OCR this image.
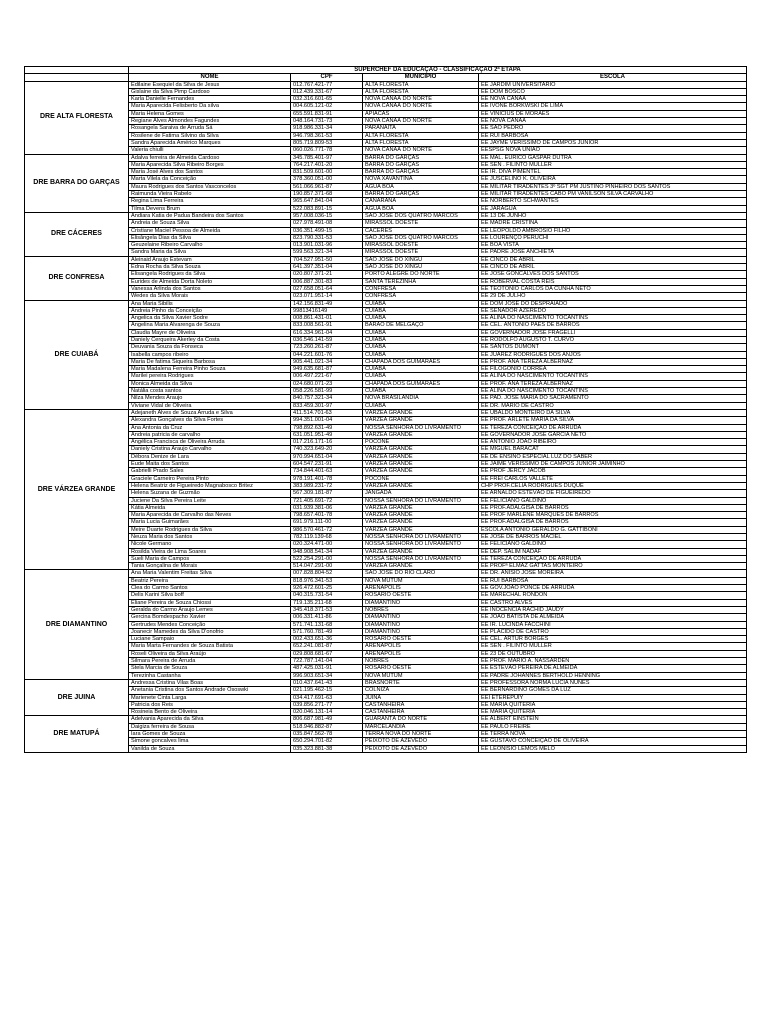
	SUPERCHEF DA EDUCAÇÃO - CLASSIFICAÇÃO 2ª ETAPA			
	NOME	CPF	MUNICIPIO	ESCOLA
DRE ALTA FLORESTA	Edilaine Esequiel da Silva de Jesus	012.767.421-77	ALTA FLORESTA	EE JARDIM UNIVERSITARIO
	Gislaine da Silva Pimp Cardoso	012.439.331-67	ALTA FLORESTA	EE DOM BOSCO
	Karla Danielle Fernandes	032.316.601-65	NOVA CANAÃ DO NORTE	EE NOVA CANAA
	Maria Aparecida Felisberto Da silva	004.605.121-02	NOVA CANAÃ DO NORTE	EE IVONE BORKWSKI DE LIMA
	Maria Helena Gomes	655.591.831-91	APIACÁS	EE VINICIUS DE MORAES
	Regiane Alves Almondes Fagundes	048.164.731-73	NOVA CANAÃ DO NORTE	EE NOVA CANAA
	Rosangela Saraiva de Arruda Sá	918.986.331-34	PARANAITA	EE SAO PEDRO
	Rosilene de Fatima Silvino da Silva	946.798.361-53	ALTA FLORESTA	EE RUI BARBOSA
	Sandra Aparecida Américo Marques	805.719.809-53	ALTA FLORESTA	EE JAYME VERISSIMO DE CAMPOS JUNIOR
	Valeria chiulli	060.026.771-78	NOVA CANAÃ DO NORTE	EESPSG NOVA UNIAO
DRE BARRA DO GARÇAS	Adalva ferreira de Almeida Cardoso	345.785.401-97	BARRA DO GARÇAS	EE MAL. EURICO GASPAR DUTRA
	Maria Aparecida Silva Ribeiro Borges	764.217.401-20	BARRA DO GARÇAS	EE SEN . FILINTO MULLER
	Maria José Alves dos Santos	831.509.601-00	BARRA DO GARÇAS	EE IR. DIVA PIMENTEL
	Marta Vilela da Conceição	378.360.051-00	NOVA XAVANTINA	EE JUSCELINO K. OLIVEIRA
	Maura Rodrigues dos Santos Vasconcelos	561.066.961-87	ÁGUA BOA	EE MILITAR TIRADENTES 3º SGT PM JUSTINO PINHEIRO DOS SANTOS
	Raimunda Vieira Rabelo	190.857.371-68	BARRA DO GARÇAS	EE MILITAR TIRADENTES CABO PM VANILSON SILVA CARVALHO
	Regina Lima Ferreira	965.647.841-04	CANARANA	EE NORBERTO SCHWANTES
	Tilma Devens Brum	522.083.891-15	ÁGUA BOA	EE JARAGUÁ
DRE CÁCERES	Andiara Katia de Padua Bandeira dos Santos	957.008.036-15	SÃO JOSÉ DOS QUATRO MARCOS	EE 13 DE JUNHO
	Andreia de Souza Silva	027.978.491-08	MIRASSOL DOESTE	EE MADRE CRISTINA
	Cristiane Maciel Pessoa de Almeida	036.351.499-15	CÁCERES	EE LEOPOLDO AMBROSIO FILHO
	Elisângela Dias da Silva	823.790.331-53	SÃO JOSÉ DOS QUATRO MARCOS	EE LOURENÇO PERUCHI
	Geuzelaine Ribeiro Carvalho	013.901.031-96	MIRASSOL DOESTE	EE BOA VISTA
	Sandra Maria da Silva	599.563.321-34	MIRASSOL DOESTE	EE PADRE JOSE ANCHIETA
DRE CONFRESA	Aleinaid Araujo Estevam	704.527.951-50	SÃO JOSÉ DO XINGU	EE CINCO DE ABRIL
	Edna Rocha da Silva Souza	641.397.351-04	SÃO JOSÉ DO XINGU	EE CINCO DE ABRIL
	Elisangela Rodrigues da Silva	020.807.371-21	PORTO ALEGRE DO NORTE	EE JOSE GONCALVES DOS SANTOS
	Eurides de Almeida Dorta Noleto	006.887.301-83	SANTA TEREZINHA	EE ROBERVAL COSTA REIS
	Vanessa Arlinda dos Santos	027.658.051-64	CONFRESA	EE TEOTONIO CARLOS DA CUNHA NETO
	Wedes da Silva Morais	023.071.951-14	CONFRESA	EE 29 DE JULHO
DRE CUIABÁ	Ana Maria Sibilis	142.156.831-49	CUIABÁ	EE DOM JOSE DO DESPRAIADO
	Andreia Pinho da Conceição	99813416149	CUIABÁ	EE SENADOR AZEREDO
	Angelica da Silva Xavier Sodre	008.861.431-01	CUIABÁ	EE ALINA DO NASCIMENTO TOCANTINS
	Angelina Maria Alvarenga de Souza	833.008.561-91	BARÃO DE MELGAÇO	EE CEL. ANTONIO PAES DE BARROS
	Claudia Mayre de Oliveira	616.334.961-04	CUIABÁ	EE GOVERNADOR JOSÉ FRAGELLI
	Daniely Cerqueira Akerley da Costa	036.546.141-59	CUIABÁ	EE RODOLFO AUGUSTO T. CURVO
	Deuvania Souza da Fonseca	723.260.261-87	CUIABÁ	EE SANTOS DUMONT
	Isabella campos ribeiro	044.221.601-76	CUIABÁ	EE JUAREZ RODRIGUES DOS ANJOS
	Maria De fatima Siqueira Barbosa	905.441.021-34	CHAPADA DOS GUIMARÃES	EE PROF. ANA TEREZA ALBERNAZ
	Maria Madalena Ferreira Pinho Souza	949.635.681-87	CUIABÁ	EE FILOGONIO CORREA
	Marilei pereira Rodrigues	006.497.221-67	CUIABÁ	EE ALINA DO NASCIMENTO TOCANTINS
	Monica Almeida da Silva	024.680.071-23	CHAPADA DOS GUIMARÃES	EE PROF. ANA TEREZA ALBERNAZ
	Natália costa santos	058.226.581-99	CUIABÁ	EE ALINA DO NASCIMENTO TOCANTINS
	Nilza Mendes Araujo	840.757.321-34	NOVA BRASILÂNDIA	EE PAD. JOSE MARIA DO SACRAMENTO
	Viviane Vidal de Oliveira	833.459.301-97	CUIABÁ	EE DR. MARIO DE CASTRO
DRE VÁRZEA GRANDE	Adejaneth Alves de Souza Arruda e Silva	411.514.701-63	VÁRZEA GRANDE	EE UBALDO MONTEIRO DA SILVA
	Alexandra Gonçalves da Silva Fortes	994.351.001-04	VÁRZEA GRANDE	EE PROF. ARLETE MARIA DA SILVA
	Ana Antonia da Cruz	798.892.631-49	NOSSA SENHORA DO LIVRAMENTO	EE TEREZA CONCEIÇÃO DE ARRUDA
	Andreia patricia de carvalho	631.051.951-49	VÁRZEA GRANDE	EE GOVERNADOR JOSE GARCIA NETO
	Angélica Francisca de Oliveira Arruda	017.216.171-16	POCONÉ	EE ANTONIO JOÃO RIBEIRO
	Daniely Cristina Araujo Carvalho	740.323.649-20	VÁRZEA GRANDE	EE MIGUEL BARACAT
	Débora Denize de Lara	970.994.651-04	VÁRZEA GRANDE	EE DE ENSINO ESPECIAL LUZ DO SABER
	Eude Maita dos Santos	604.547.231-91	VÁRZEA GRANDE	EE JAIME VERISSIMO DE CAMPOS JUNIOR JAIMINHO
	Gabrielli Prado Sales	734.844.401-63	VÁRZEA GRANDE	EE PROF JERCY JACOB
	Graciele Carneiro Pereira Pinto	978.191.401-78	POCONÉ	EE FREI CARLOS VALLETE
	Helena Beatriz de Figueiredo Magnabosco Britez	383.989.231-72	VÁRZEA GRANDE	CHP PROF.CELIA RODRIGUES DUQUE
	Helena Suzana de Guzmão	567.309.181-87	JANGADA	EE ARNALDO ESTEVÃO DE FIGUEIREDO
	Juciene Da Silva Pereira Leite	721.405.691-72	NOSSA SENHORA DO LIVRAMENTO	EE FELICIANO GALDINO
	Kátia Almeida	031.939.381-06	VÁRZEA GRANDE	EE PROF.ADALGISA DE BARROS
	Maria Aparecida de Carvalho das Neves	798.657.401-78	VÁRZEA GRANDE	EE PROF MARLENE MARQUES DE BARROS
	Maria Lucia Guimarães	691.979.111-00	VÁRZEA GRANDE	EE PROF.ADALGISA DE BARROS
	Meire Duarte Rodrigues da Silva	986.570.461-72	VÁRZEA GRANDE	ESCOLA ANTONIO GERALDO G. GATTIBONI
	Neuza Maria dos Santos	782.119.139-68	NOSSA SENHORA DO LIVRAMENTO	EE JOSE DE BARROS MACIEL
	Nicole Germano	020.324.471-00	NOSSA SENHORA DO LIVRAMENTO	EE FELICIANO GALDINO
	Rosilda Vieira de Lima Soares	948.908.541-34	VÁRZEA GRANDE	EE DEP. SALIM NADAF
	Sueli Maria de Campos	522.254.291-00	NOSSA SENHORA DO LIVRAMENTO	EE TEREZA CONCEIÇÃO DE ARRUDA
	Tania Gonçalina de Morais	514.047.291-00	VÁRZEA GRANDE	EE PROFª ELMAZ GATTAS MONTEIRO
DRE DIAMANTINO	Ana Maria Valentim Freitas Silva	007.828.804-52	SÃO JOSÉ DO RIO CLARO	EE DR. ANISIO JOSE MOREIRA
	Beatriz Pereira	818.976.341-53	NOVA MUTUM	EE RUI BARBOSA
	Clea do Carmo Santos	926.472.601-25	ARENÁPOLIS	EE GOV.JOÃO PONCE DE ARRUDA
	Delis Karini Silva boff	040.315.731-54	ROSÁRIO OESTE	EE MARECHAL RONDON
	Eliane Pereira de Souza Chiossi	719.135.211-68	DIAMANTINO	EE CASTRO ALVES
	Geralda do Carmo Araujo Lemes	345.418.371-53	NOBRES	EE INOCENCIA RACHID JAUDY
	Gercina Bomdespacho Xavier	006.331.411-86	DIAMANTINO	EE JOÃO BATISTA DE ALMEIDA
	Gertrudes Mendes Conceição	571.741.131-68	DIAMANTINO	EE IR. LUCINDA FACCHINI
	Joanecir Mamedes da Silva D'onofrio	571.760.781-49	DIAMANTINO	EE PLACIDO DE CASTRO
	Luciane Sampaio	002.433.651-36	ROSÁRIO OESTE	EE CEL. ARTUR BORGES
	Maria Marta Fernandes de Souza Batista	652.241.081-87	ARENÁPOLIS	EE SEN . FILINTO MULLER
	Roseli Oliveira da Silva Araújo	029.808.681-67	ARENÁPOLIS	EE 23 DE OUTUBRO
	Silmara Pereira de Arruda	722.787.141-04	NOBRES	EE PROF. MARIO A. NASSARDEN
	Stela Marcia de Souza	487.425.031-91	ROSÁRIO OESTE	EE ESTEVÃO PEREIRA DE ALMEIDA
	Terezinha Castanha	996.903.651-34	NOVA MUTUM	EE PADRE JOHANNES BERTHOLD HENNING
DRE JUINA	Andressa Cristina Vilas Boas	010.437.641-43	BRASNORTE	EE PROFESSORA NORMA LUCIA NUNES
	Anetania Cristina dos Santos Andrade Ososwki	021.195.462-15	COLNIZA	EE BERNARDINO GOMES DA LUZ
	Marienete Cinta Larga	034.417.691-63	JUÍNA	EEI ETEREPUIY
	Patricia dos Reis	039.856.271-77	CASTANHEIRA	EE MARIA QUITERIA
	Rosineia Bento de Oliveira	020.046.131-14	CASTANHEIRA	EE MARIA QUITERIA
DRE MATUPÁ	Adelvania Aparecida da Silva	806.687.981-49	GUARANTÃ DO NORTE	EE ALBERT EINSTEIN
	Daigiza ferreira de Sousa	518.946.882-87	MARCELÂNDIA	EE PAULO FREIRE
	Iara Gomes de Souza	035.847.562-78	TERRA NOVA DO NORTE	EE TERRA NOVA
	Simone goncalves lima	650.294.701-82	PEIXOTO DE AZEVEDO	EE GUSTAVO CONCEIÇÃO DE OLIVEIRA
	Vanilda de Souza	035.323.881-38	PEIXOTO DE AZEVEDO	EE LEONISIO LEMOS MELO
